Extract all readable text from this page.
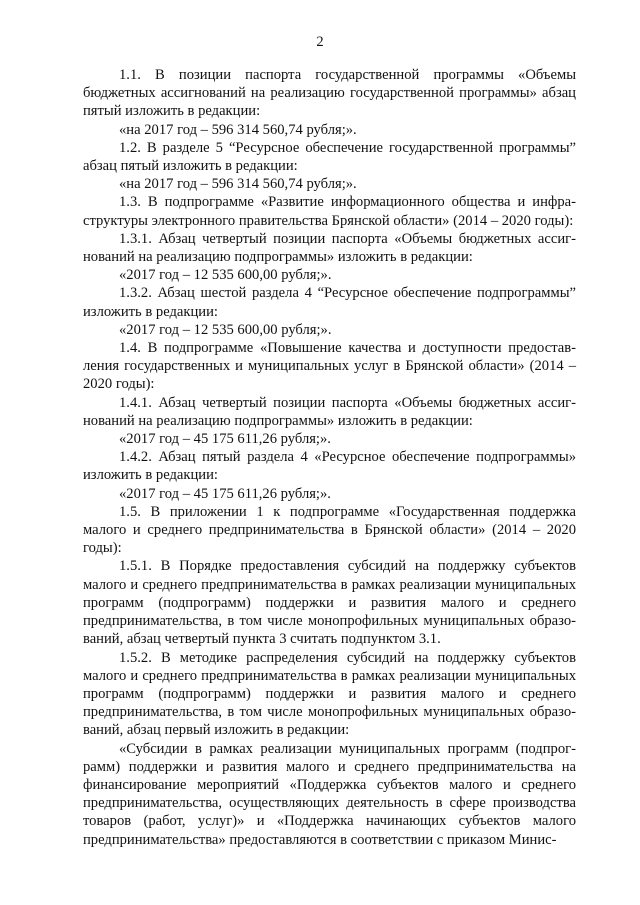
2

1.1. В позиции паспорта государственной программы «Объемы бюджетных ассигнований на реализацию государственной программы» абзац пятый изложить в редакции:

«на 2017 год – 596 314 560,74 рубля;».

1.2. В разделе 5 “Ресурсное обеспечение государственной программы” абзац пятый изложить в редакции:

«на 2017 год – 596 314 560,74 рубля;».

1.3. В подпрограмме «Развитие информационного общества и инфраструктуры электронного правительства Брянской области» (2014 – 2020 годы):

1.3.1. Абзац четвертый позиции паспорта «Объемы бюджетных ассигнований на реализацию подпрограммы» изложить в редакции:

«2017 год – 12 535 600,00 рубля;».

1.3.2. Абзац шестой раздела 4 “Ресурсное обеспечение подпрограммы” изложить в редакции:

«2017 год – 12 535 600,00 рубля;».

1.4. В подпрограмме «Повышение качества и доступности предоставления государственных и муниципальных услуг в Брянской области» (2014 – 2020 годы):

1.4.1. Абзац четвертый позиции паспорта «Объемы бюджетных ассигнований на реализацию подпрограммы» изложить в редакции:

«2017 год – 45 175 611,26 рубля;».

1.4.2. Абзац пятый раздела 4 «Ресурсное обеспечение подпрограммы» изложить в редакции:

«2017 год – 45 175 611,26 рубля;».

1.5. В приложении 1 к подпрограмме «Государственная поддержка малого и среднего предпринимательства в Брянской области» (2014 – 2020 годы):

1.5.1. В Порядке предоставления субсидий на поддержку субъектов малого и среднего предпринимательства в рамках реализации муниципальных программ (подпрограмм) поддержки и развития малого и среднего предпринимательства, в том числе монопрофильных муниципальных образований, абзац четвертый пункта 3 считать подпунктом 3.1.

1.5.2. В методике распределения субсидий на поддержку субъектов малого и среднего предпринимательства в рамках реализации муниципальных программ (подпрограмм) поддержки и развития малого и среднего предпринимательства, в том числе монопрофильных муниципальных образований, абзац первый изложить в редакции:

«Субсидии в рамках реализации муниципальных программ (подпрограмм) поддержки и развития малого и среднего предпринимательства на финансирование мероприятий «Поддержка субъектов малого и среднего предпринимательства, осуществляющих деятельность в сфере производства товаров (работ, услуг)» и «Поддержка начинающих субъектов малого предпринимательства» предоставляются в соответствии с приказом Минис-
